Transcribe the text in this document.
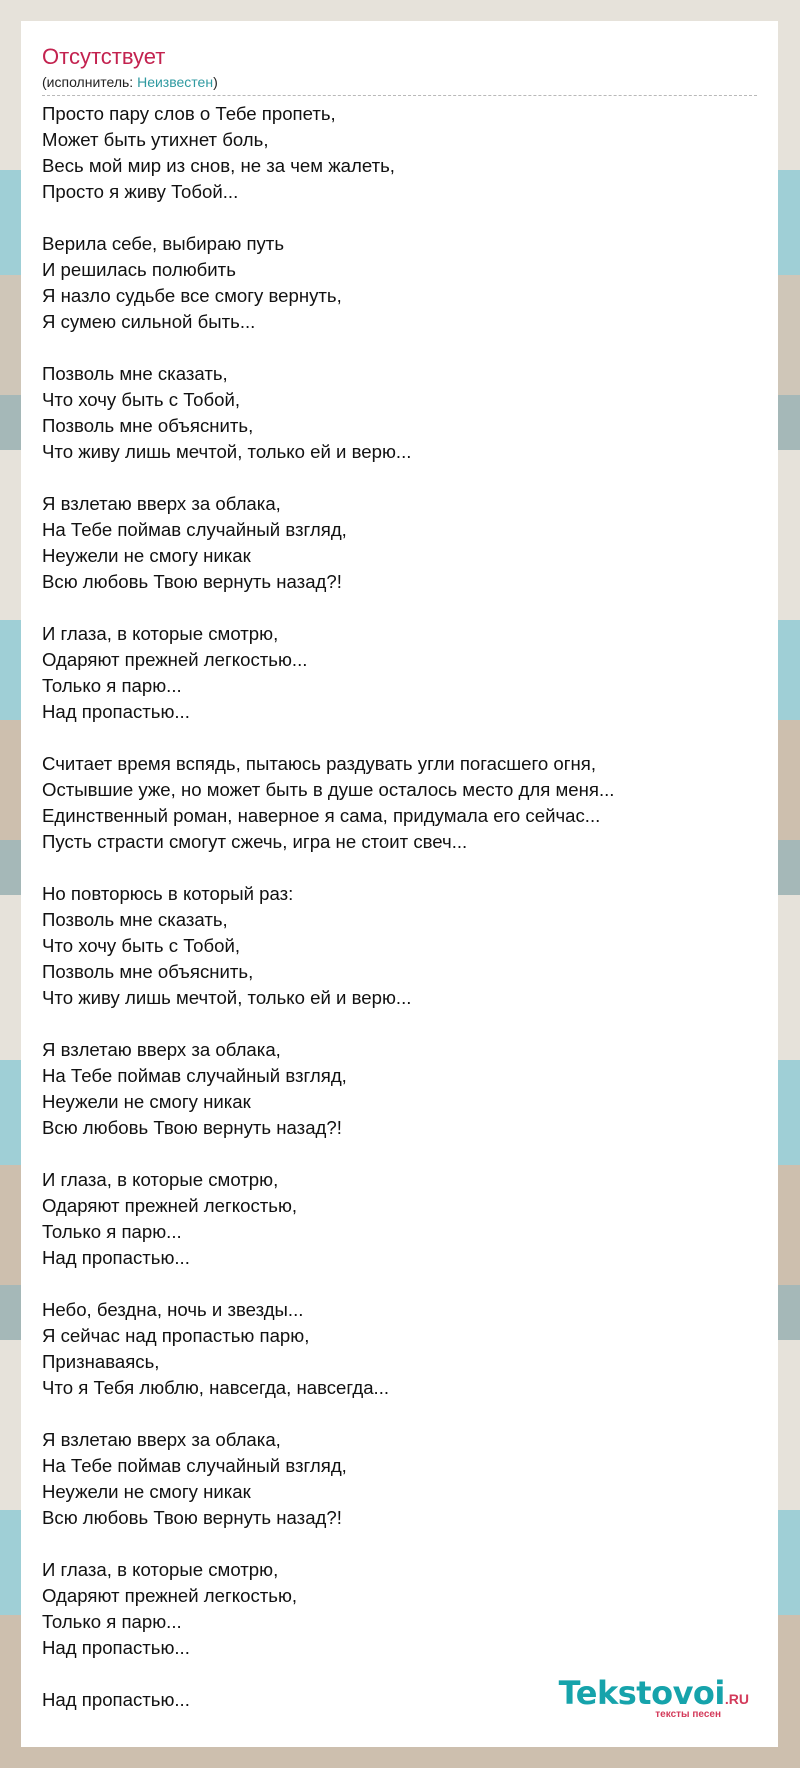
Отсутствует
(исполнитель: Неизвестен)
Просто пару слов о Тебе пропеть,
Может быть утихнет боль,
Весь мой мир из снов, не за чем жалеть,
Просто я живу Тобой...
Верила себе, выбираю путь
И решилась полюбить
Я назло судьбе все смогу вернуть,
Я сумею сильной быть...
Позволь мне сказать,
Что хочу быть с Тобой,
Позволь мне объяснить,
Что живу лишь мечтой, только ей и верю...
Я взлетаю вверх за облака,
На Тебе поймав случайный взгляд,
Неужели не смогу никак
Всю любовь Твою вернуть назад?!
И глаза, в которые смотрю,
Одаряют прежней легкостью...
Только я парю...
Над пропастью...
Считает время вспядь, пытаюсь раздувать угли погасшего огня,
Остывшие уже, но может быть в душе осталось место для меня...
Единственный роман, наверное я сама, придумала его сейчас...
Пусть страсти смогут сжечь, игра не стоит свеч...
Но повторюсь в который раз:
Позволь мне сказать,
Что хочу быть с Тобой,
Позволь мне объяснить,
Что живу лишь мечтой, только ей и верю...
Я взлетаю вверх за облака,
На Тебе поймав случайный взгляд,
Неужели не смогу никак
Всю любовь Твою вернуть назад?!
И глаза, в которые смотрю,
Одаряют прежней легкостью,
Только я парю...
Над пропастью...
Небо, бездна, ночь и звезды...
Я сейчас над пропастью парю,
Признаваясь,
Что я Тебя люблю, навсегда, навсегда...
Я взлетаю вверх за облака,
На Тебе поймав случайный взгляд,
Неужели не смогу никак
Всю любовь Твою вернуть назад?!
И глаза, в которые смотрю,
Одаряют прежней легкостью,
Только я парю...
Над пропастью...
Над пропастью...	Tekstovoi.RU
тексты песен
